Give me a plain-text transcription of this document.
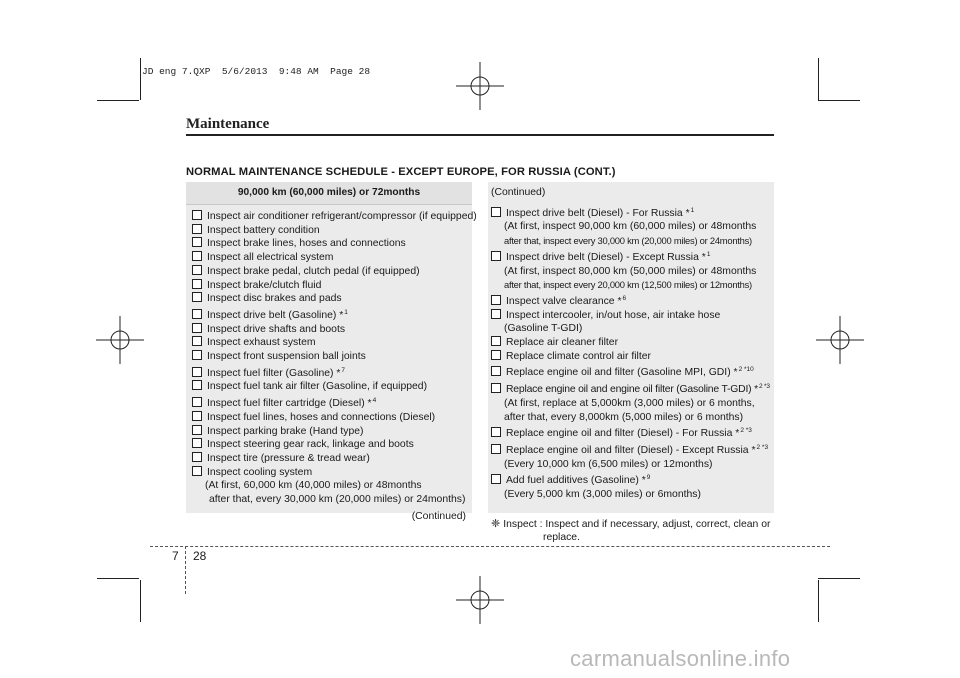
JD eng 7.QXP  5/6/2013  9:48 AM  Page 28
Maintenance
NORMAL MAINTENANCE SCHEDULE - EXCEPT EUROPE, FOR RUSSIA (CONT.)
90,000 km (60,000 miles) or 72months
Inspect air conditioner refrigerant/compressor (if equipped)
Inspect battery condition
Inspect brake lines, hoses and connections
Inspect all electrical system
Inspect brake pedal, clutch pedal (if equipped)
Inspect brake/clutch fluid
Inspect disc brakes and pads
Inspect drive belt (Gasoline) *$^1$
Inspect drive shafts and boots
Inspect exhaust system
Inspect front suspension ball joints
Inspect fuel filter (Gasoline) *$^7$
Inspect fuel tank air filter (Gasoline, if equipped)
Inspect fuel filter cartridge (Diesel) *$^4$
Inspect fuel lines, hoses and connections (Diesel)
Inspect parking brake (Hand type)
Inspect steering gear rack, linkage and boots
Inspect tire (pressure & tread wear)
Inspect cooling system
(At first, 60,000 km (40,000 miles) or 48months
after that, every 30,000 km (20,000 miles) or 24months)
(Continued)
(Continued)
Inspect drive belt (Diesel) - For Russia *$^1$
(At first, inspect 90,000 km (60,000 miles) or 48months
after that, inspect every 30,000 km (20,000 miles) or 24months)
Inspect drive belt (Diesel) - Except Russia *$^1$
(At first, inspect 80,000 km (50,000 miles) or 48months
after that, inspect every 20,000 km (12,500 miles) or 12months)
Inspect valve clearance *$^6$
Inspect intercooler, in/out hose, air intake hose
(Gasoline T-GDI)
Replace air cleaner filter
Replace climate control air filter
Replace engine oil and filter (Gasoline MPI, GDI) *$^{2 *10}$
Replace engine oil and engine oil filter (Gasoline T-GDI) *$^{2 *3}$
(At first, replace at 5,000km (3,000 miles) or 6 months,
after that, every 8,000km (5,000 miles) or 6 months)
Replace engine oil and filter (Diesel) - For Russia *$^{2 *3}$
Replace engine oil and filter (Diesel) - Except Russia *$^{2 *3}$
(Every 10,000 km (6,500 miles) or 12months)
Add fuel additives (Gasoline) *$^9$
(Every 5,000 km (3,000 miles) or 6months)
❈ Inspect : Inspect and if necessary, adjust, correct, clean or
replace.
7 28
carmanualsonline.info
